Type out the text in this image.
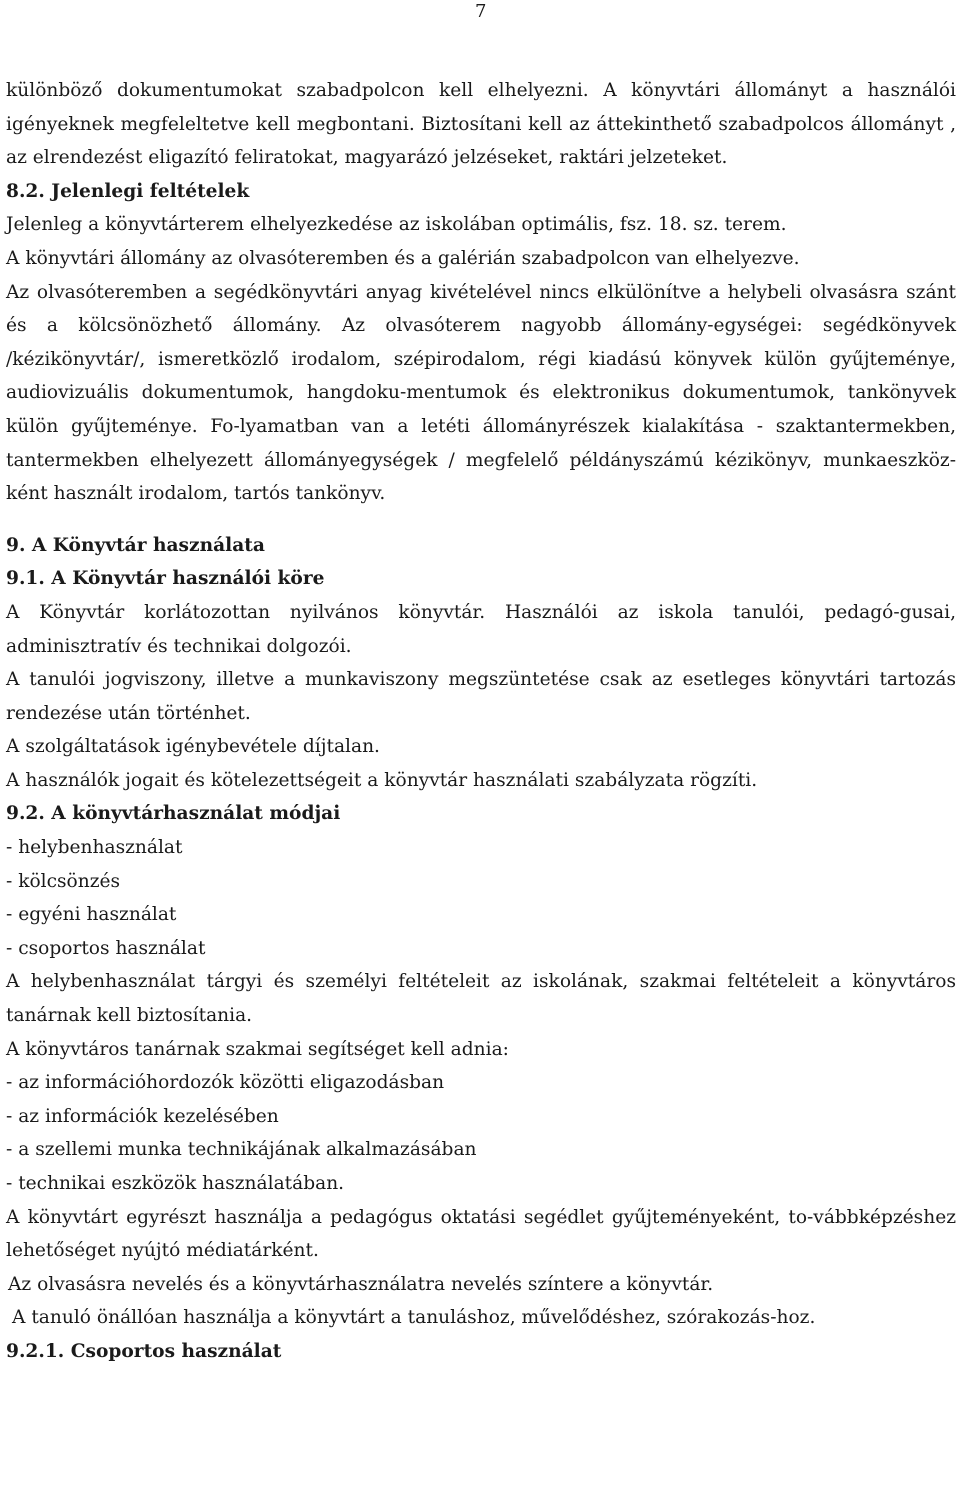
7

különböző dokumentumokat szabadpolcon kell elhelyezni. A könyvtári állományt a használói igényeknek megfeleltetve kell megbontani. Biztosítani kell az áttekinthető szabadpolcos állományt , az elrendezést eligazító feliratokat, magyarázó jelzéseket, raktári jelzeteket.

8.2. Jelenlegi feltételek

Jelenleg a könyvtárterem elhelyezkedése az iskolában optimális, fsz. 18. sz. terem.

A könyvtári állomány az olvasóteremben és a galérián szabadpolcon van elhelyezve.

Az olvasóteremben a segédkönyvtári anyag kivételével nincs elkülönítve a helybeli olvasásra szánt és a kölcsönözhető állomány. Az olvasóterem nagyobb állomány-egységei: segédkönyvek /kézikönyvtár/, ismeretközlő irodalom, szépirodalom, régi kiadású könyvek külön gyűjteménye, audiovizuális dokumentumok, hangdoku-mentumok és elektronikus dokumentumok, tankönyvek külön gyűjteménye. Fo-lyamatban van a letéti állományrészek kialakítása - szaktantermekben, tantermekben elhelyezett állományegységek / megfelelő példányszámú kézikönyv, munkaeszköz-ként használt irodalom, tartós tankönyv.

9. A Könyvtár használata
9.1. A Könyvtár használói köre

A Könyvtár korlátozottan nyilvános könyvtár. Használói az iskola tanulói, pedagó-gusai, adminisztratív és technikai dolgozói.

A tanulói jogviszony, illetve a munkaviszony megszüntetése csak az esetleges könyvtári tartozás rendezése után történhet.

A szolgáltatások igénybevétele díjtalan.

A használók jogait és kötelezettségeit a könyvtár használati szabályzata rögzíti.

9.2. A könyvtárhasználat módjai

- helybenhasználat

- kölcsönzés

- egyéni használat

- csoportos használat

A helybenhasználat tárgyi és személyi feltételeit az iskolának, szakmai feltételeit a könyvtáros tanárnak kell biztosítania.

A könyvtáros tanárnak szakmai segítséget kell adnia:

- az információhordozók közötti eligazodásban

- az információk kezelésében

- a szellemi munka technikájának alkalmazásában

- technikai eszközök használatában.

A könyvtárt egyrészt használja a pedagógus oktatási segédlet gyűjteményeként, to-vábbképzéshez lehetőséget nyújtó médiatárként.

Az olvasásra nevelés és a könyvtárhasználatra nevelés színtere a könyvtár.

A tanuló önállóan használja a könyvtárt a tanuláshoz, művelődéshez, szórakozás-hoz.

9.2.1. Csoportos használat
